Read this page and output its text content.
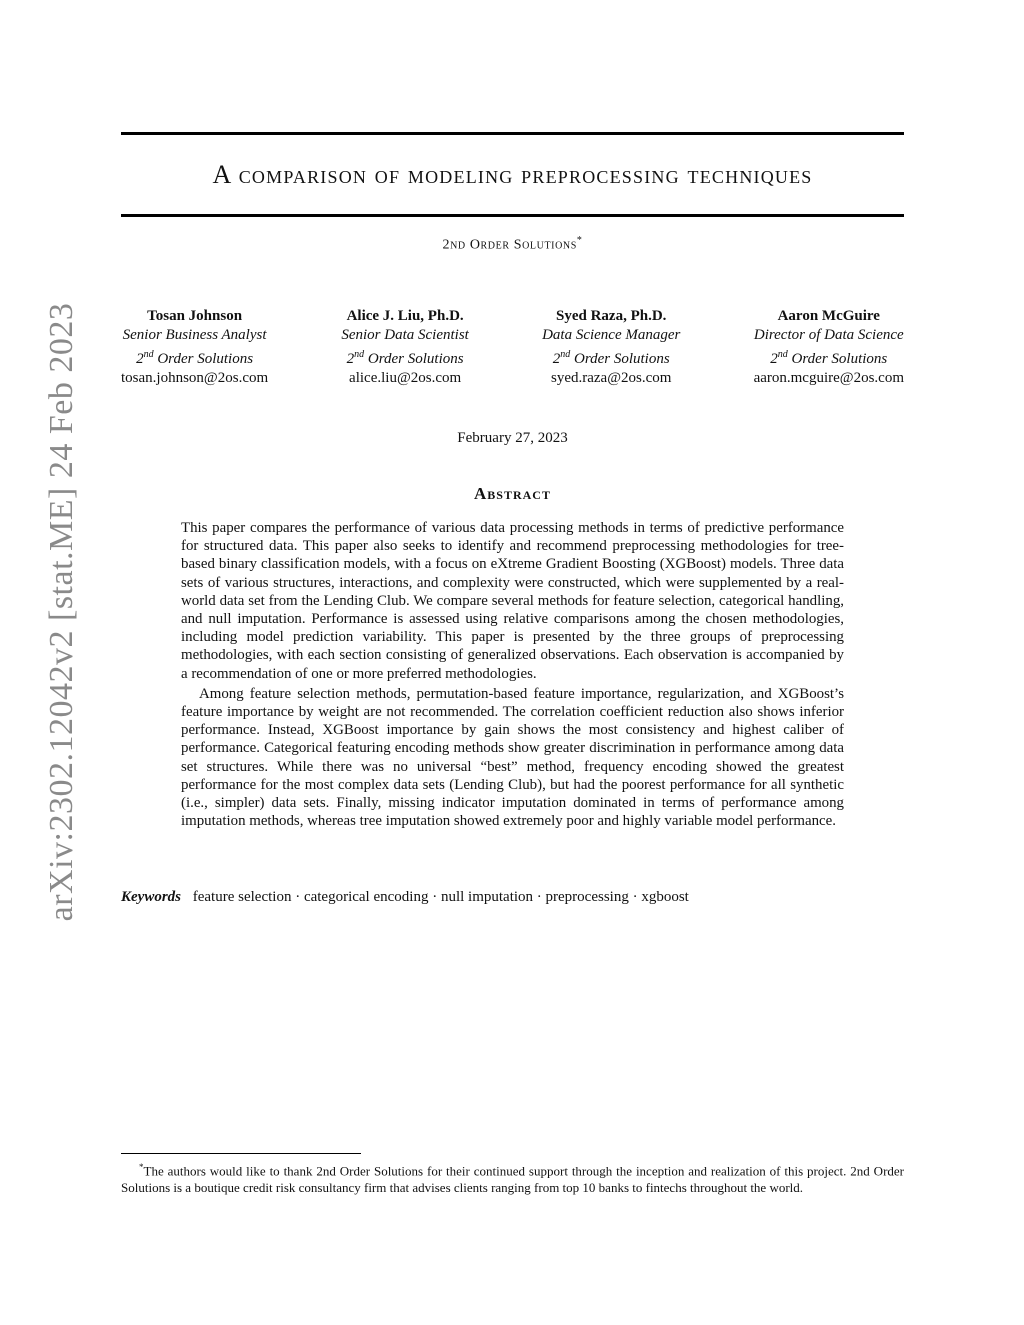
arXiv:2302.12042v2 [stat.ME] 24 Feb 2023
A comparison of modeling preprocessing techniques
2nd Order Solutions*
Tosan Johnson
Senior Business Analyst
2nd Order Solutions
tosan.johnson@2os.com
Alice J. Liu, Ph.D.
Senior Data Scientist
2nd Order Solutions
alice.liu@2os.com
Syed Raza, Ph.D.
Data Science Manager
2nd Order Solutions
syed.raza@2os.com
Aaron McGuire
Director of Data Science
2nd Order Solutions
aaron.mcguire@2os.com
February 27, 2023
Abstract

This paper compares the performance of various data processing methods in terms of predictive performance for structured data. This paper also seeks to identify and recommend preprocessing methodologies for tree-based binary classification models, with a focus on eXtreme Gradient Boosting (XGBoost) models. Three data sets of various structures, interactions, and complexity were constructed, which were supplemented by a real-world data set from the Lending Club. We compare several methods for feature selection, categorical handling, and null imputation. Performance is assessed using relative comparisons among the chosen methodologies, including model prediction variability. This paper is presented by the three groups of preprocessing methodologies, with each section consisting of generalized observations. Each observation is accompanied by a recommendation of one or more preferred methodologies.

Among feature selection methods, permutation-based feature importance, regularization, and XGBoost’s feature importance by weight are not recommended. The correlation coefficient reduction also shows inferior performance. Instead, XGBoost importance by gain shows the most consistency and highest caliber of performance. Categorical featuring encoding methods show greater discrimination in performance among data set structures. While there was no universal “best” method, frequency encoding showed the greatest performance for the most complex data sets (Lending Club), but had the poorest performance for all synthetic (i.e., simpler) data sets. Finally, missing indicator imputation dominated in terms of performance among imputation methods, whereas tree imputation showed extremely poor and highly variable model performance.

Keywords feature selection · categorical encoding · null imputation · preprocessing · xgboost
*The authors would like to thank 2nd Order Solutions for their continued support through the inception and realization of this project. 2nd Order Solutions is a boutique credit risk consultancy firm that advises clients ranging from top 10 banks to fintechs throughout the world.
